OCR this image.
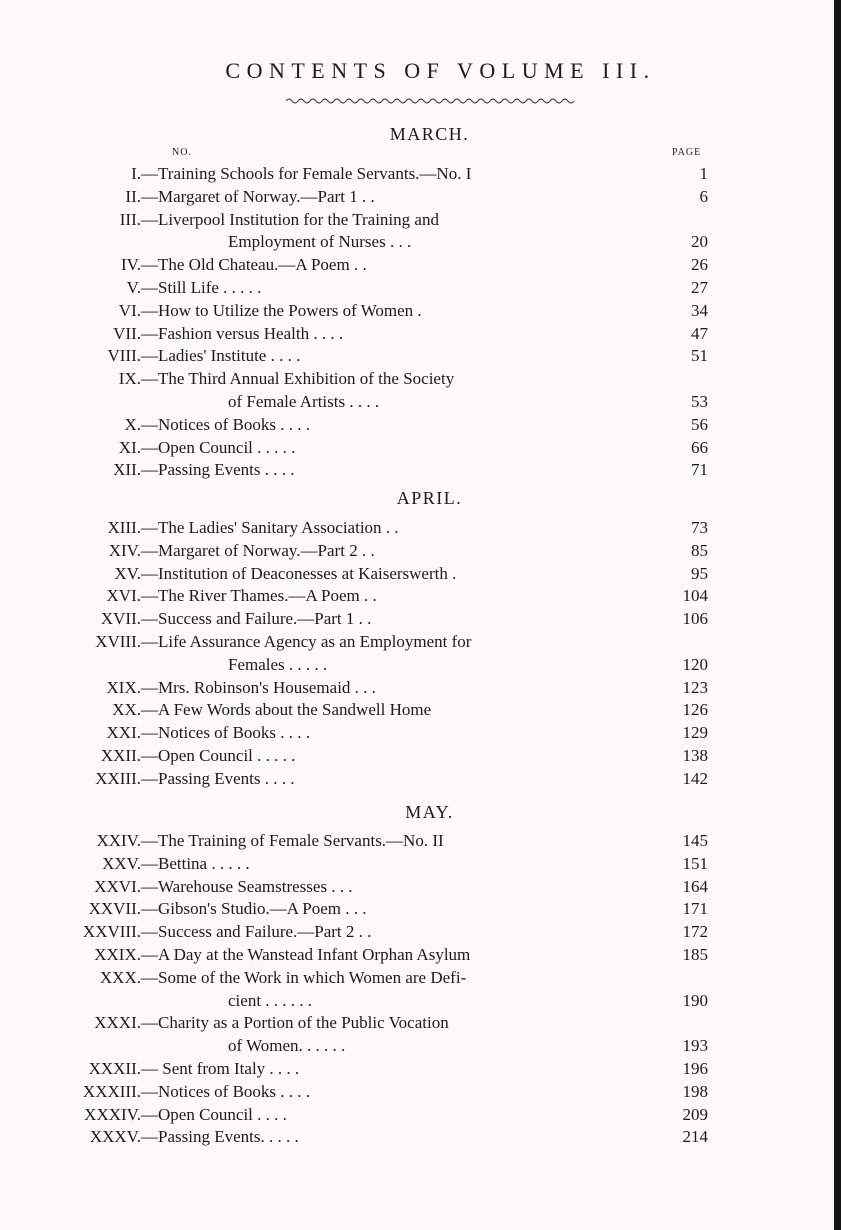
CONTENTS OF VOLUME III.
NO.	PAGE
MARCH.
I. —Training Schools for Female Servants.—No. I	1
II. —Margaret of Norway.—Part 1 . .	6
III. —Liverpool Institution for the Training and
Employment of Nurses . . .	20
IV. —The Old Chateau.—A Poem . .	26
V. —Still Life . . . . .	27
VI. —How to Utilize the Powers of Women .	34
VII. —Fashion versus Health . . . .	47
VIII. —Ladies' Institute . . . .	51
IX. —The Third Annual Exhibition of the Society
of Female Artists . . . .	53
X. —Notices of Books . . . .	56
XI. —Open Council . . . . .	66
XII. —Passing Events . . . .	71
APRIL.
XIII. —The Ladies' Sanitary Association . .	73
XIV. —Margaret of Norway.—Part 2 . .	85
XV. —Institution of Deaconesses at Kaiserswerth .	95
XVI. —The River Thames.—A Poem . .	104
XVII. —Success and Failure.—Part 1 . .	106
XVIII. —Life Assurance Agency as an Employment for
Females . . . . .	120
XIX. —Mrs. Robinson's Housemaid . . .	123
XX. —A Few Words about the Sandwell Home	126
XXI. —Notices of Books . . . .	129
XXII. —Open Council . . . . .	138
XXIII. —Passing Events . . . .	142
MAY.
XXIV. —The Training of Female Servants.—No. II	145
XXV. —Bettina . . . . .	151
XXVI. —Warehouse Seamstresses . . .	164
XXVII. —Gibson's Studio.—A Poem . . .	171
XXVIII. —Success and Failure.—Part 2 . .	172
XXIX. —A Day at the Wanstead Infant Orphan Asylum	185
XXX. —Some of the Work in which Women are Defi-
cient . . . . . .	190
XXXI. —Charity as a Portion of the Public Vocation
of Women. . . . . .	193
XXXII. — Sent from Italy . . . .	196
XXXIII. —Notices of Books . . . .	198
XXXIV. —Open Council . . . .	209
XXXV. —Passing Events. . . . .	214
